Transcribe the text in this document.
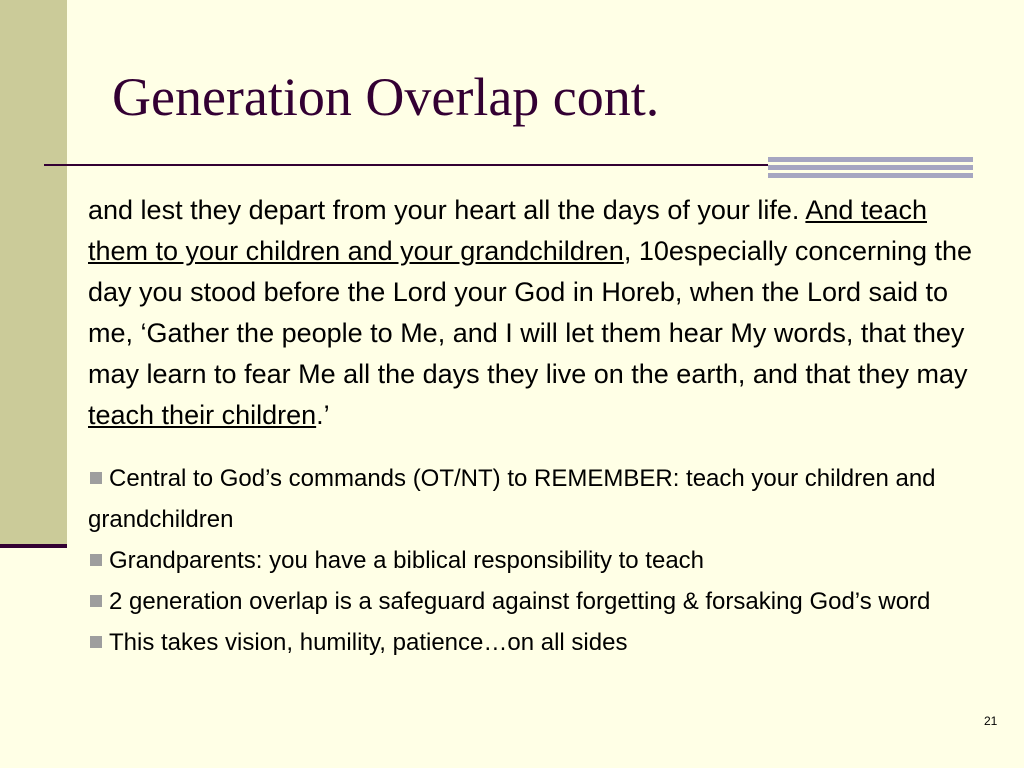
Generation Overlap cont.

and lest they depart from your heart all the days of your life. And teach them to your children and your grandchildren, 10especially concerning the day you stood before the Lord your God in Horeb, when the Lord said to me, ‘Gather the people to Me, and I will let them hear My words, that they may learn to fear Me all the days they live on the earth, and that they may teach their children.’

Central to God’s commands (OT/NT) to REMEMBER: teach your children and grandchildren
Grandparents: you have a biblical responsibility to teach
2 generation overlap is a safeguard against forgetting & forsaking God’s word
This takes vision, humility, patience…on all sides
21
